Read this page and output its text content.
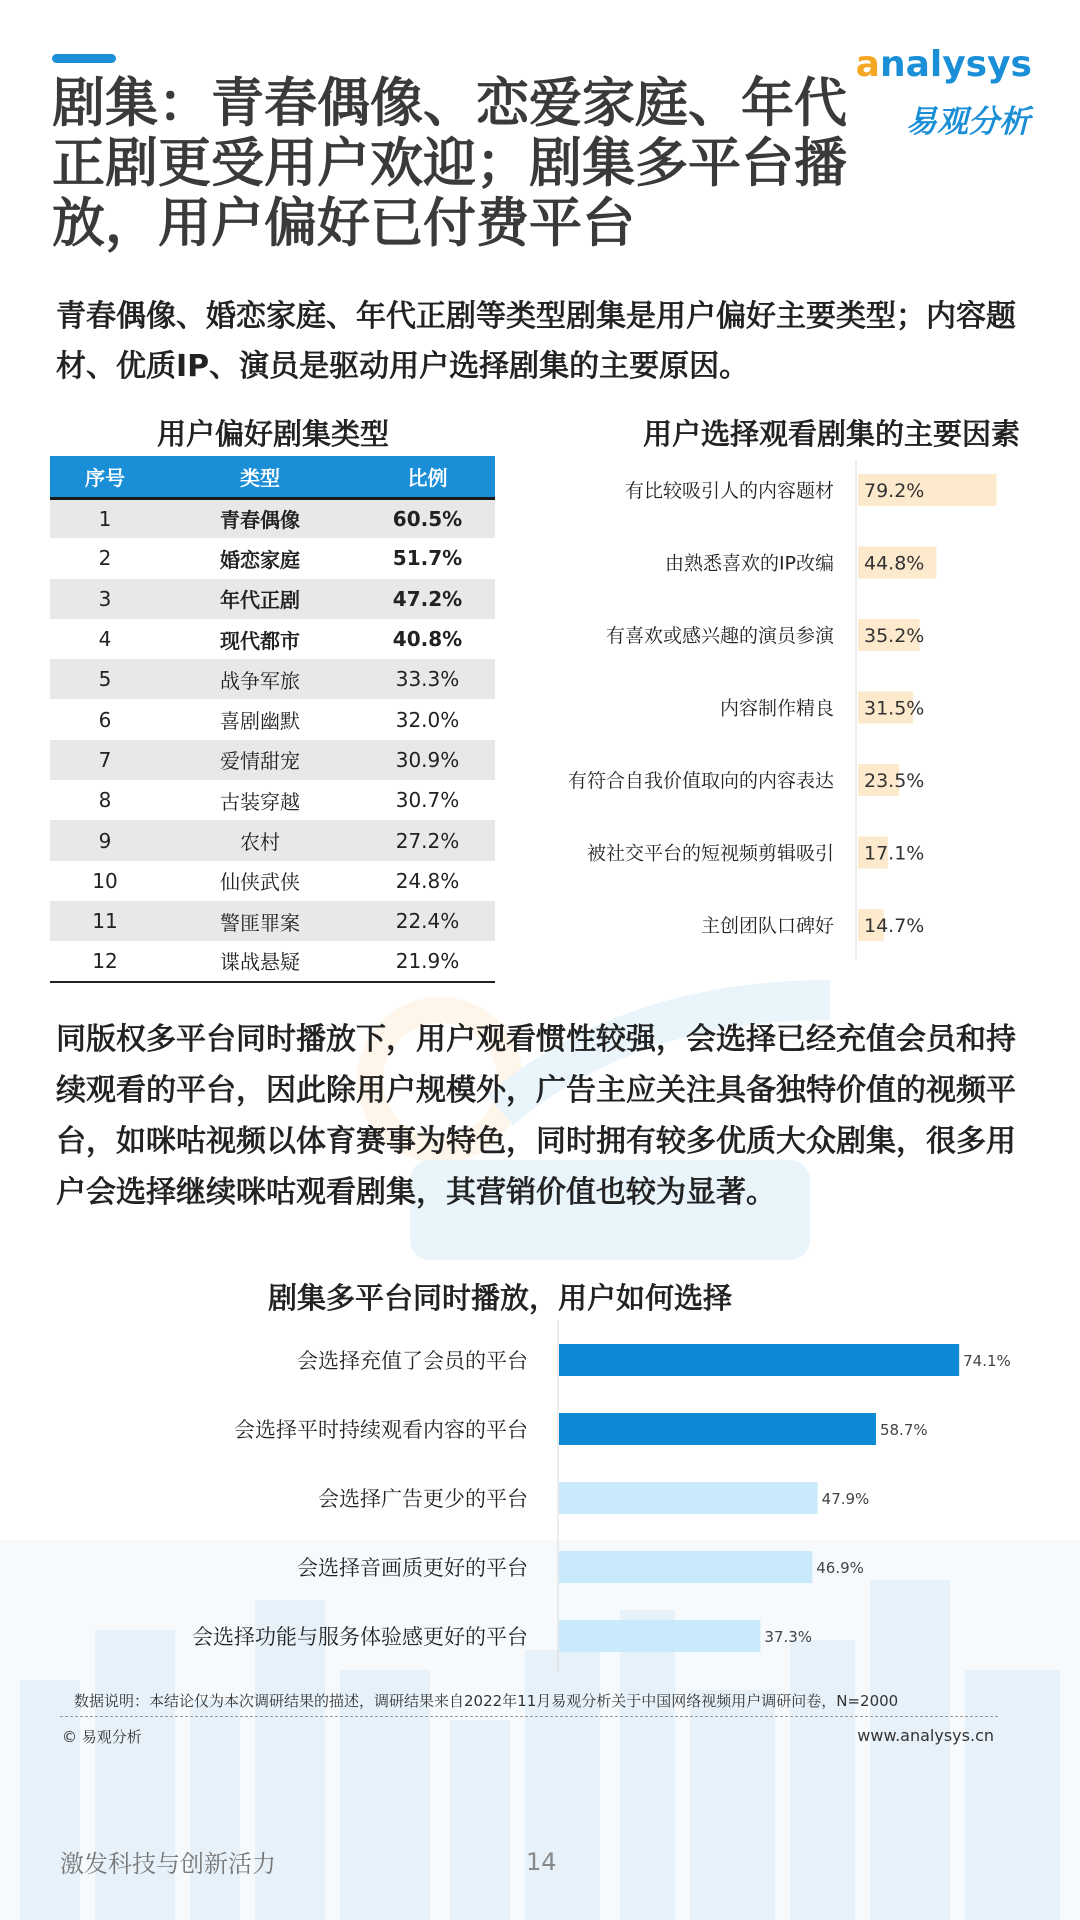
analysys
易观分析
剧集：青春偶像、恋爱家庭、年代正剧更受用户欢迎；剧集多平台播放，用户偏好已付费平台

青春偶像、婚恋家庭、年代正剧等类型剧集是用户偏好主要类型；内容题材、优质IP、演员是驱动用户选择剧集的主要原因。

用户偏好剧集类型
序号	类型	比例
1	青春偶像	60.5%
2	婚恋家庭	51.7%
3	年代正剧	47.2%
4	现代都市	40.8%
5	战争军旅	33.3%
6	喜剧幽默	32.0%
7	爱情甜宠	30.9%
8	古装穿越	30.7%
9	农村	27.2%
10	仙侠武侠	24.8%
11	警匪罪案	22.4%
12	谍战悬疑	21.9%
用户选择观看剧集的主要因素
有比较吸引人的内容题材 79.2%
由熟悉喜欢的IP改编 44.8%
有喜欢或感兴趣的演员参演 35.2%
内容制作精良 31.5%
有符合自我价值取向的内容表达 23.5%
被社交平台的短视频剪辑吸引 17.1%
主创团队口碑好 14.7%

同版权多平台同时播放下，用户观看惯性较强，会选择已经充值会员和持续观看的平台，因此除用户规模外，广告主应关注具备独特价值的视频平台，如咪咕视频以体育赛事为特色，同时拥有较多优质大众剧集，很多用户会选择继续咪咕观看剧集，其营销价值也较为显著。

剧集多平台同时播放，用户如何选择
会选择充值了会员的平台	74.1%
会选择平时持续观看内容的平台	58.7%
会选择广告更少的平台	47.9%
会选择音画质更好的平台	46.9%
会选择功能与服务体验感更好的平台	37.3%
数据说明：本结论仅为本次调研结果的描述，调研结果来自2022年11月易观分析关于中国网络视频用户调研问卷，N=2000
© 易观分析	www.analysys.cn
激发科技与创新活力	14
